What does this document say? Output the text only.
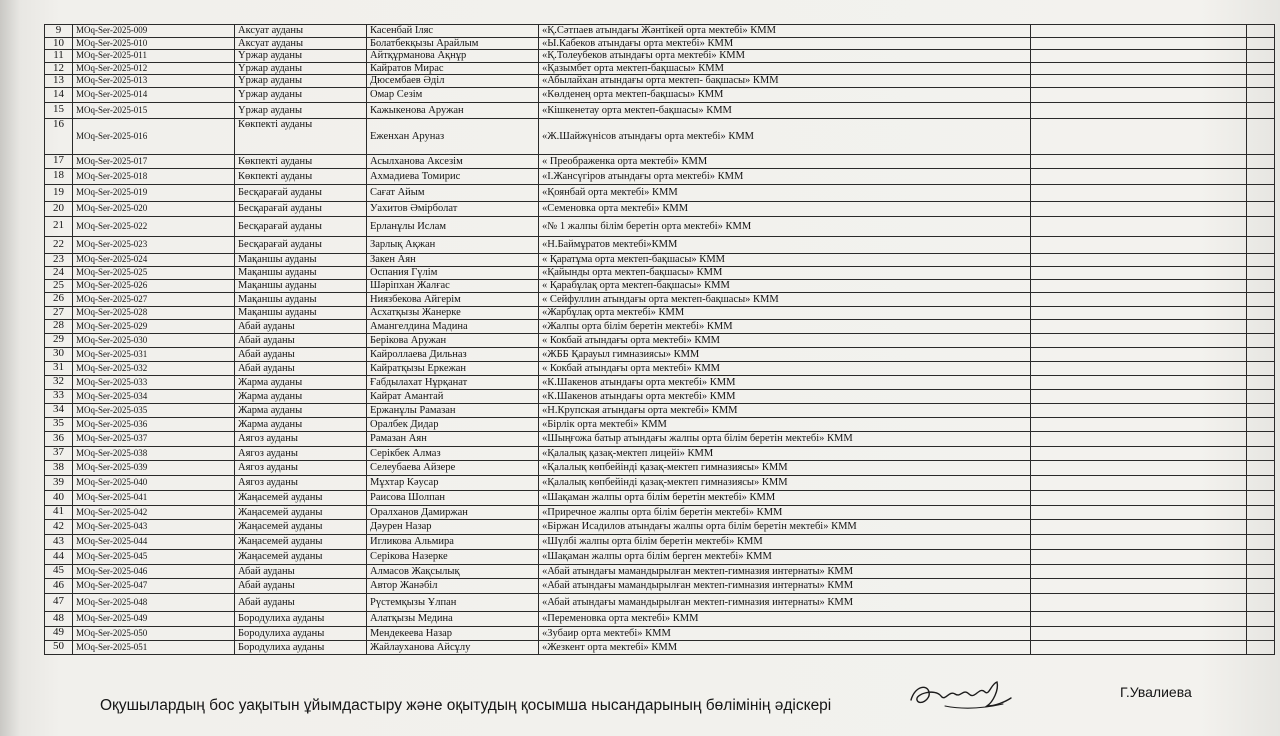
9	MOq-Ser-2025-009	Аксуат ауданы	Касенбай Іляс	«Қ.Сәтпаев атындағы Жәнтікей орта мектебі» КММ		
10	MOq-Ser-2025-010	Аксуат ауданы	Болатбекқызы Арайлым	«Ы.Кабеков атындағы орта мектебі» КММ		
11	MOq-Ser-2025-011	Үржар ауданы	Айтқұрманова Ақнұр	«Қ.Толеубеков атындағы орта мектебі» КММ		
12	MOq-Ser-2025-012	Үржар ауданы	Кайратов Мирас	«Қазымбет орта мектеп-бақшасы» КММ		
13	MOq-Ser-2025-013	Үржар ауданы	Дюсембаев Әділ	«Абылайхан атындағы орта мектеп- бақшасы» КММ		
14	MOq-Ser-2025-014	Үржар ауданы	Омар Сезім	«Көлденең орта мектеп-бақшасы» КММ		
15	MOq-Ser-2025-015	Үржар ауданы	Кажыкенова Аружан	«Кішкенетау орта мектеп-бақшасы» КММ		
16	MOq-Ser-2025-016	Көкпекті ауданы	Еженхан Аруназ	«Ж.Шайжүнісов атындағы орта мектебі» КММ		
17	MOq-Ser-2025-017	Көкпекті ауданы	Асылханова Аксезім	« Преображенка орта мектебі» КММ		
18	MOq-Ser-2025-018	Көкпекті ауданы	Ахмадиева Томирис	«І.Жансүгіров атындағы орта мектебі» КММ		
19	MOq-Ser-2025-019	Бесқарағай ауданы	Сағат Айым	«Қоянбай орта мектебі» КММ		
20	MOq-Ser-2025-020	Бесқарағай ауданы	Уахитов Әмірболат	«Семеновка орта мектебі» КММ		
21	MOq-Ser-2025-022	Бесқарағай ауданы	Ерланұлы Ислам	«№ 1 жалпы білім беретін орта мектебі» КММ		
22	MOq-Ser-2025-023	Бесқарағай ауданы	Зарлық Ақжан	«Н.Баймұратов мектебі»КММ		
23	MOq-Ser-2025-024	Мақаншы ауданы	Закен Аян	« Қаратұма орта мектеп-бақшасы» КММ		
24	MOq-Ser-2025-025	Мақаншы ауданы	Оспания Гүлім	«Қайынды орта мектеп-бақшасы» КММ		
25	MOq-Ser-2025-026	Мақаншы ауданы	Шәріпхан Жалғас	« Қарабұлақ орта мектеп-бақшасы» КММ		
26	MOq-Ser-2025-027	Мақаншы ауданы	Ниязбекова Айгерім	« Сейфуллин атындағы орта мектеп-бақшасы» КММ		
27	MOq-Ser-2025-028	Мақаншы ауданы	Асхатқызы Жанерке	«Жарбұлақ орта мектебі» КММ		
28	MOq-Ser-2025-029	Абай ауданы	Амангелдина Мадина	«Жалпы орта білім беретін мектебі» КММ		
29	MOq-Ser-2025-030	Абай ауданы	Берікова Аружан	« Кокбай атындағы орта мектебі» КММ		
30	MOq-Ser-2025-031	Абай ауданы	Кайроллаева Дильназ	«ЖББ Қарауыл гимназиясы» КММ		
31	MOq-Ser-2025-032	Абай ауданы	Кайратқызы Еркежан	« Кокбай атындағы орта мектебі» КММ		
32	MOq-Ser-2025-033	Жарма ауданы	Ғабдылахат Нұрқанат	«К.Шакенов атындағы орта мектебі» КММ		
33	MOq-Ser-2025-034	Жарма ауданы	Кайрат Амантай	«К.Шакенов атындағы орта мектебі» КММ		
34	MOq-Ser-2025-035	Жарма ауданы	Ержанұлы Рамазан	«Н.Крупская атындағы орта мектебі» КММ		
35	MOq-Ser-2025-036	Жарма ауданы	Оралбек Дидар	«Бірлік орта мектебі» КММ		
36	MOq-Ser-2025-037	Аягоз ауданы	Рамазан Аян	«Шыңғожа батыр атындағы жалпы орта білім беретін мектебі» КММ		
37	MOq-Ser-2025-038	Аягоз ауданы	Серікбек Алмаз	«Қалалық қазақ-мектеп лицейі» КММ		
38	MOq-Ser-2025-039	Аягоз ауданы	Селеубаева Айзере	«Қалалық көпбейінді қазақ-мектеп гимназиясы» КММ		
39	MOq-Ser-2025-040	Аягоз ауданы	Мұхтар Кәусар	«Қалалық көпбейінді қазақ-мектеп гимназиясы» КММ		
40	MOq-Ser-2025-041	Жаңасемей ауданы	Раисова Шолпан	«Шақаман жалпы орта білім беретін мектебі» КММ		
41	MOq-Ser-2025-042	Жаңасемей ауданы	Оралханов Дамиржан	«Приречное жалпы орта білім беретін мектебі» КММ		
42	MOq-Ser-2025-043	Жаңасемей ауданы	Дәурен Назар	«Біржан Исадилов атындағы жалпы орта білім беретін мектебі» КММ		
43	MOq-Ser-2025-044	Жаңасемей ауданы	Игликова Альмира	«Шүлбі жалпы орта білім беретін мектебі» КММ		
44	MOq-Ser-2025-045	Жаңасемей ауданы	Серікова Назерке	«Шақаман жалпы орта білім берген мектебі» КММ		
45	MOq-Ser-2025-046	Абай ауданы	Алмасов Жақсылық	«Абай атындағы мамандырылған мектеп-гимназия интернаты» КММ		
46	MOq-Ser-2025-047	Абай ауданы	Автор Жанәбіл	«Абай атындағы мамандырылған мектеп-гимназия интернаты» КММ		
47	MOq-Ser-2025-048	Абай ауданы	Рүстемқызы Ұлпан	«Абай атындағы мамандырылған мектеп-гимназия интернаты» КММ		
48	MOq-Ser-2025-049	Бородулиха ауданы	Алатқызы Медина	«Переменовка орта мектебі» КММ		
49	MOq-Ser-2025-050	Бородулиха ауданы	Мендекеева Назар	«Зубаир орта мектебі» КММ		
50	MOq-Ser-2025-051	Бородулиха ауданы	Жайлауханова Айсұлу	«Жезкент орта мектебі» КММ		
Оқушылардың бос уақытын ұйымдастыру және оқытудың қосымша нысандарының бөлімінің әдіскері
Г.Увалиева
